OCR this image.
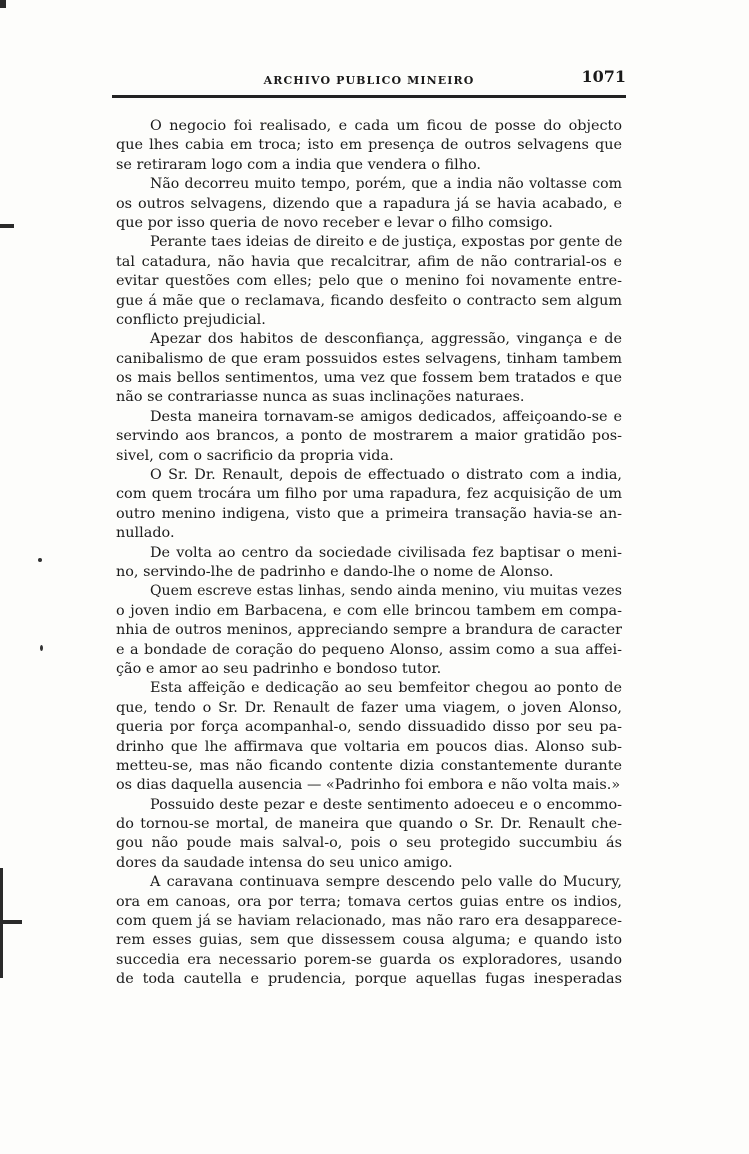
ARCHIVO PUBLICO MINEIRO	1071
O negocio foi realisado, e cada um ficou de posse do objecto
que lhes cabia em troca; isto em presença de outros selvagens que
se retiraram logo com a india que vendera o filho.
Não decorreu muito tempo, porém, que a india não voltasse com
os outros selvagens, dizendo que a rapadura já se havia acabado, e
que por isso queria de novo receber e levar o filho comsigo.
Perante taes ideias de direito e de justiça, expostas por gente de
tal catadura, não havia que recalcitrar, afim de não contrarial-os e
evitar questões com elles; pelo que o menino foi novamente entre-
gue á mãe que o reclamava, ficando desfeito o contracto sem algum
conflicto prejudicial.
Apezar dos habitos de desconfiança, aggressão, vingança e de
canibalismo de que eram possuidos estes selvagens, tinham tambem
os mais bellos sentimentos, uma vez que fossem bem tratados e que
não se contrariasse nunca as suas inclinações naturaes.
Desta maneira tornavam-se amigos dedicados, affeiçoando-se e
servindo aos brancos, a ponto de mostrarem a maior gratidão pos-
sivel, com o sacrificio da propria vida.
O Sr. Dr. Renault, depois de effectuado o distrato com a india,
com quem trocára um filho por uma rapadura, fez acquisição de um
outro menino indigena, visto que a primeira transação havia-se an-
nullado.
De volta ao centro da sociedade civilisada fez baptisar o meni-
no, servindo-lhe de padrinho e dando-lhe o nome de Alonso.
Quem escreve estas linhas, sendo ainda menino, viu muitas vezes
o joven indio em Barbacena, e com elle brincou tambem em compa-
nhia de outros meninos, appreciando sempre a brandura de caracter
e a bondade de coração do pequeno Alonso, assim como a sua affei-
ção e amor ao seu padrinho e bondoso tutor.
Esta affeição e dedicação ao seu bemfeitor chegou ao ponto de
que, tendo o Sr. Dr. Renault de fazer uma viagem, o joven Alonso,
queria por força acompanhal-o, sendo dissuadido disso por seu pa-
drinho que lhe affirmava que voltaria em poucos dias. Alonso sub-
metteu-se, mas não ficando contente dizia constantemente durante
os dias daquella ausencia — «Padrinho foi embora e não volta mais.»
Possuido deste pezar e deste sentimento adoeceu e o encommo-
do tornou-se mortal, de maneira que quando o Sr. Dr. Renault che-
gou não poude mais salval-o, pois o seu protegido succumbiu ás
dores da saudade intensa do seu unico amigo.
A caravana continuava sempre descendo pelo valle do Mucury,
ora em canoas, ora por terra; tomava certos guias entre os indios,
com quem já se haviam relacionado, mas não raro era desapparece-
rem esses guias, sem que dissessem cousa alguma; e quando isto
succedia era necessario porem-se guarda os exploradores, usando
de toda cautella e prudencia, porque aquellas fugas inesperadas
